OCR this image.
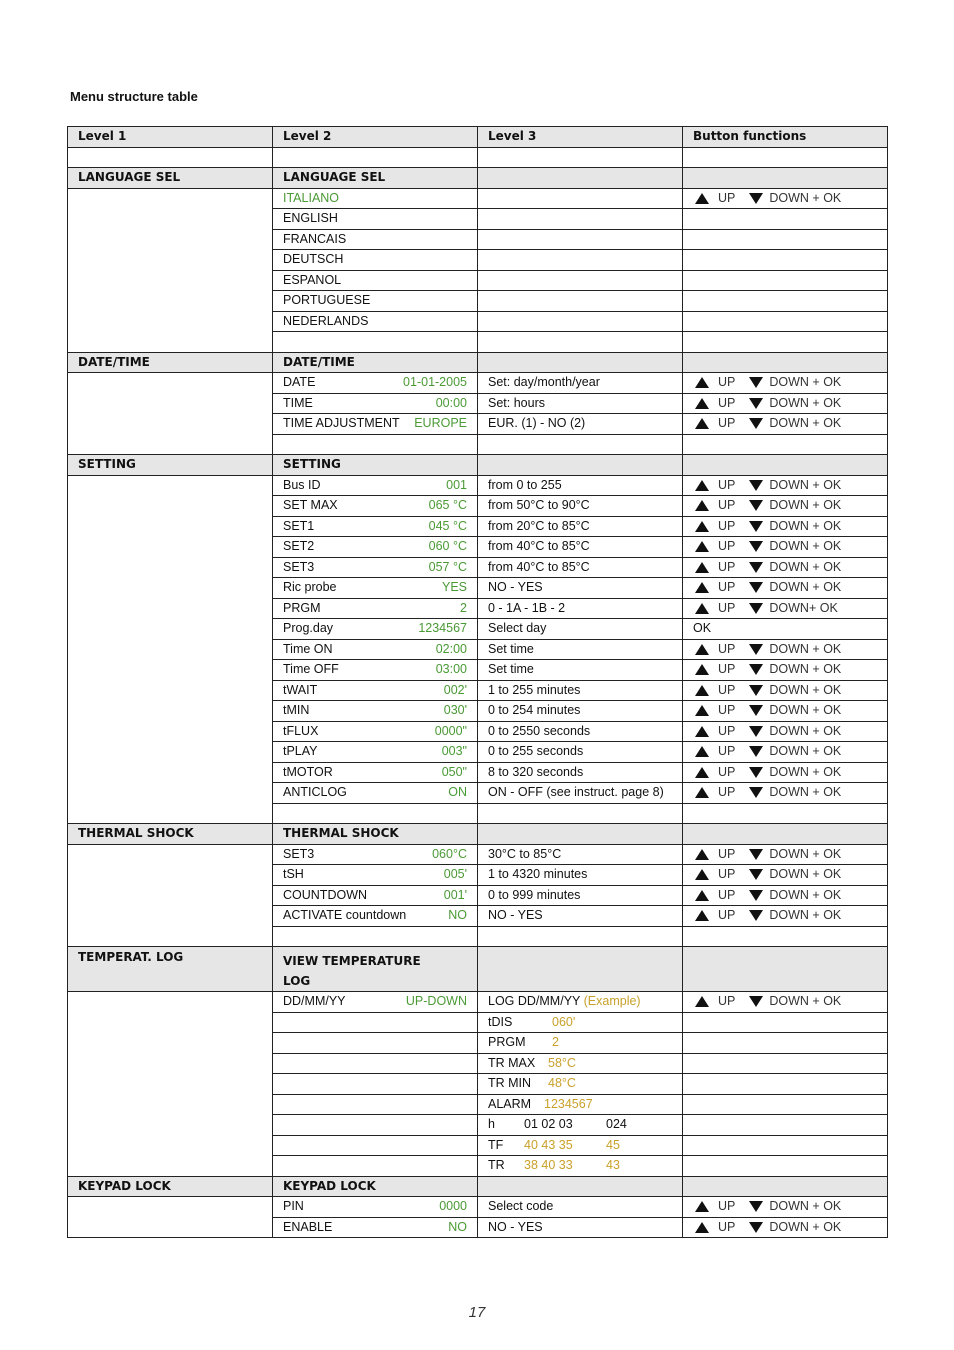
Menu structure table
Level 1	Level 2	Level 3	Button functions

LANGUAGE SEL	LANGUAGE SEL		
	ITALIANO		UP DOWN + OK

	ENGLISH		
	FRANCAIS		
	DEUTSCH		
	ESPANOL		
	PORTUGUESE		
	NEDERLANDS		

DATE/TIME	DATE/TIME		

	DATE 01-01-2005	Set: day/month/year	UP DOWN + OK

	TIME 00:00	Set: hours	UP DOWN + OK

	TIME ADJUSTMENT EUROPE	EUR. (1) - NO (2)	UP DOWN + OK

SETTING	SETTING		

	Bus ID 001	from 0 to 255	UP DOWN + OK

	SET MAX 065 °C	from 50°C to 90°C	UP DOWN + OK

	SET1 045 °C	from 20°C to 85°C	UP DOWN + OK

	SET2 060 °C	from 40°C to 85°C	UP DOWN + OK

	SET3 057 °C	from 40°C to 85°C	UP DOWN + OK

	Ric probe YES	NO - YES	UP DOWN + OK

	PRGM 2	0 - 1A - 1B - 2	UP DOWN+ OK

	Prog.day 1234567	Select day	OK

	Time ON 02:00	Set time	UP DOWN + OK

	Time OFF 03:00	Set time	UP DOWN + OK

	tWAIT 002'	1 to 255 minutes	UP DOWN + OK

	tMIN 030'	0 to 254 minutes	UP DOWN + OK

	tFLUX 0000"	0 to 2550 seconds	UP DOWN + OK

	tPLAY 003"	0 to 255 seconds	UP DOWN + OK

	tMOTOR 050"	8 to 320 seconds	UP DOWN + OK

	ANTICLOG ON	ON - OFF (see instruct. page 8)	UP DOWN + OK

THERMAL SHOCK	THERMAL SHOCK		

	SET3 060°C	30°C to 85°C	UP DOWN + OK

	tSH 005'	1 to 4320 minutes	UP DOWN + OK

	COUNTDOWN 001'	0 to 999 minutes	UP DOWN + OK

	ACTIVATE countdown NO	NO - YES	UP DOWN + OK

TEMPERAT. LOG	VIEW TEMPERATURE
LOG		

	DD/MM/YY UP-DOWN	LOG DD/MM/YY (Example)	UP DOWN + OK

		tDIS 060'	
		PRGM 2	
		TR MAX 58°C	
		TR MIN 48°C	
		ALARM 1234567	
		h 01 02 03 024	
		TF 40 43 35 45	
		TR 38 40 33 43	
KEYPAD LOCK	KEYPAD LOCK		

	PIN 0000	Select code	UP DOWN + OK

	ENABLE NO	NO - YES	UP DOWN + OK
17
